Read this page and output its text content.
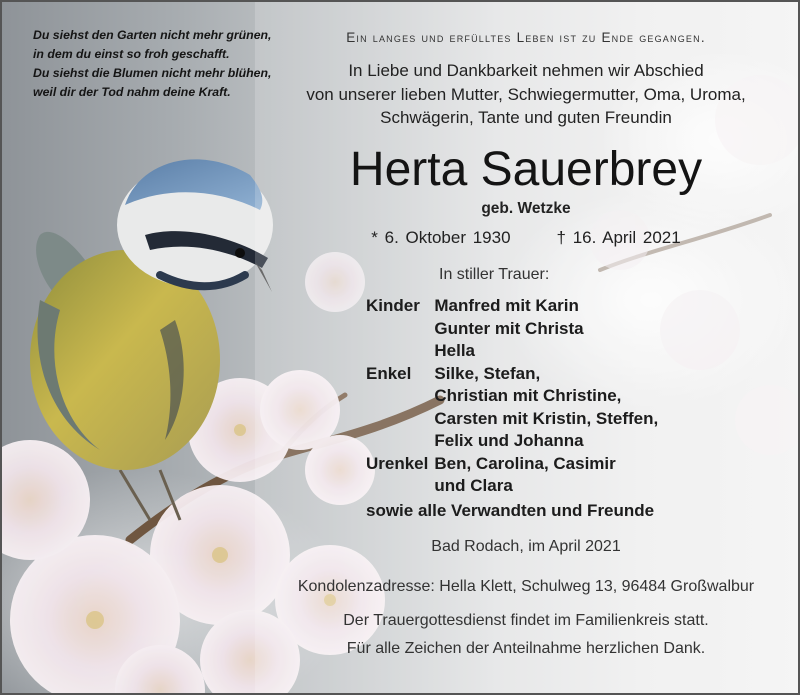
Du siehst den Garten nicht mehr grünen,
in dem du einst so froh geschafft.
Du siehst die Blumen nicht mehr blühen,
weil dir der Tod nahm deine Kraft.

Ein langes und erfülltes Leben ist zu Ende gegangen.

In Liebe und Dankbarkeit nehmen wir Abschied
von unserer lieben Mutter, Schwiegermutter, Oma, Uroma,
Schwägerin, Tante und guten Freundin

Herta Sauerbrey

geb. Wetzke

* 6. Oktober 1930	† 16. April 2021

In stiller Trauer:

Kinder	Manfred mit Karin
	Gunter mit Christa
	Hella
Enkel	Silke, Stefan,
	Christian mit Christine,
	Carsten mit Kristin, Steffen,
	Felix und Johanna
Urenkel	Ben, Carolina, Casimir
	und Clara
sowie alle Verwandten und Freunde	

Bad Rodach, im April 2021

Kondolenzadresse: Hella Klett, Schulweg 13, 96484 Großwalbur

Der Trauergottesdienst findet im Familienkreis statt.

Für alle Zeichen der Anteilnahme herzlichen Dank.
